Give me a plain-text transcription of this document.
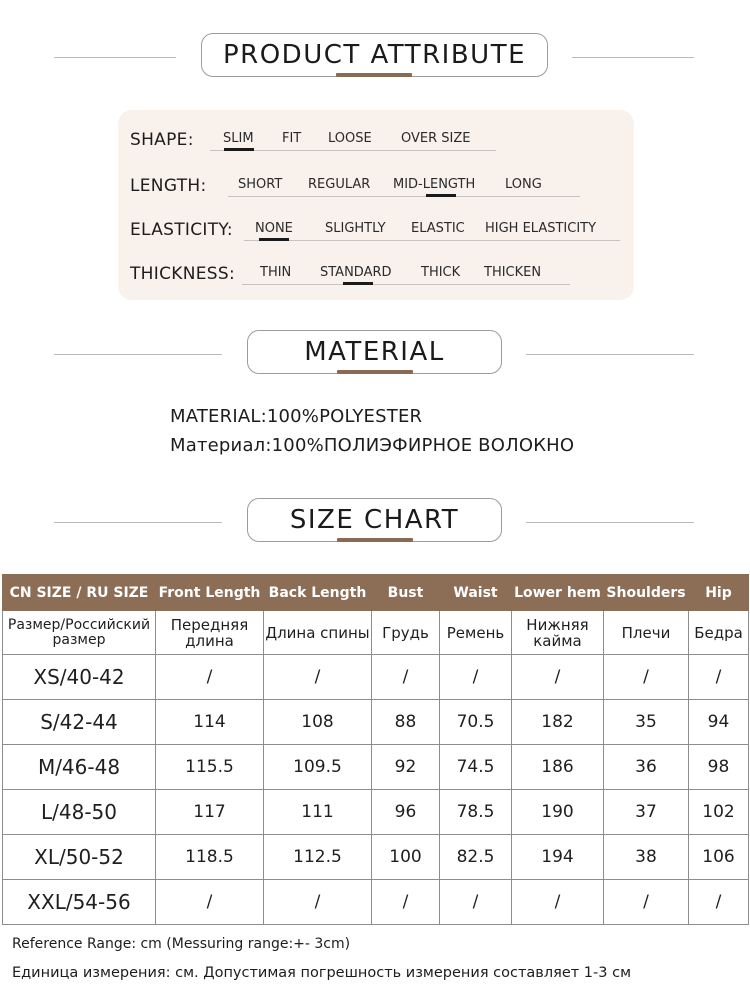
PRODUCT ATTRIBUTE
SHAPE: SLIM FIT LOOSE OVER SIZE
LENGTH: SHORT REGULAR MID-LENGTH LONG
ELASTICITY: NONE SLIGHTLY ELASTIC HIGH ELASTICITY
THICKNESS: THIN STANDARD THICK THICKEN
MATERIAL
MATERIAL:100%POLYESTER
Материал:100%ПОЛИЭФИРНОЕ ВОЛОКНО
SIZE CHART
CN SIZE / RU SIZE	Front Length	Back Length	Bust	Waist	Lower hem	Shoulders	Hip
Размер/Российский размер	Передняя длина	Длина спины	Грудь	Ремень	Нижняя кайма	Плечи	Бедра
XS/40-42	/	/	/	/	/	/	/
S/42-44	114	108	88	70.5	182	35	94
M/46-48	115.5	109.5	92	74.5	186	36	98
L/48-50	117	111	96	78.5	190	37	102
XL/50-52	118.5	112.5	100	82.5	194	38	106
XXL/54-56	/	/	/	/	/	/	/
Reference Range: cm (Messuring range:+- 3cm)
Единица измерения: см. Допустимая погрешность измерения составляет 1-3 см
